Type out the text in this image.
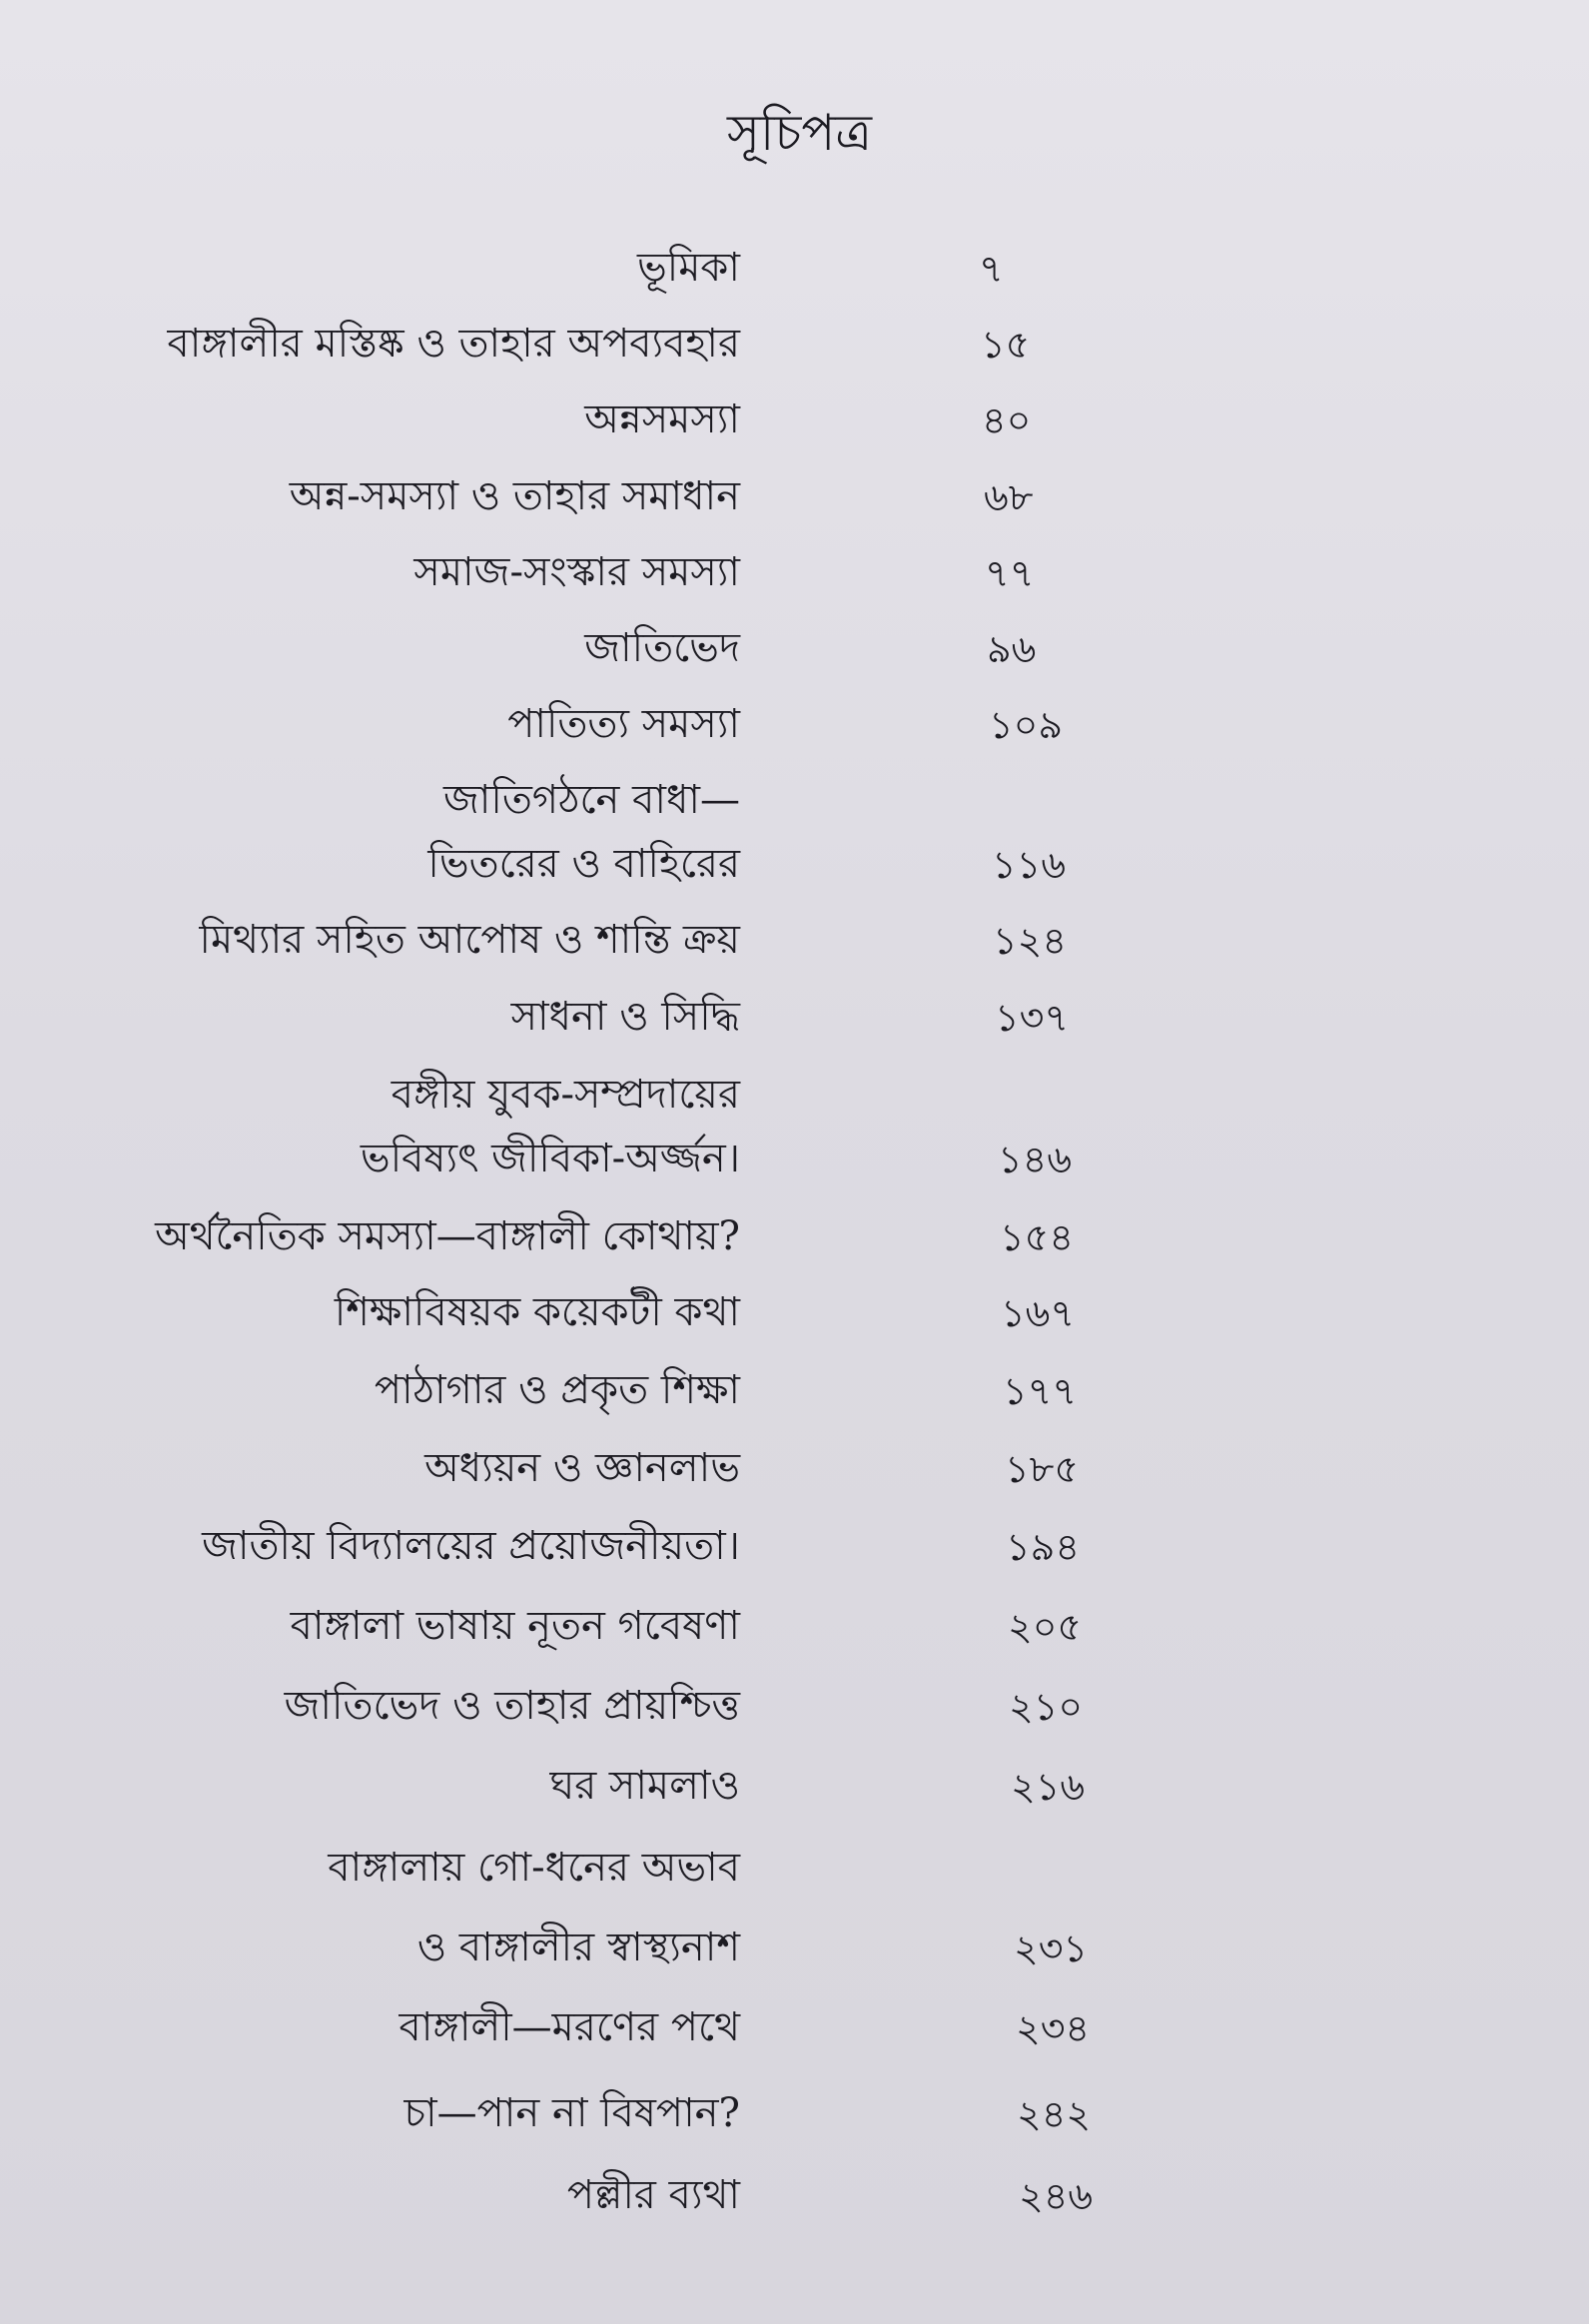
সূচিপত্র
ভূমিকা	৭
বাঙ্গালীর মস্তিষ্ক ও তাহার অপব্যবহার	১৫
অন্নসমস্যা	৪০
অন্ন-সমস্যা ও তাহার সমাধান	৬৮
সমাজ-সংস্কার সমস্যা	৭৭
জাতিভেদ	৯৬
পাতিত্য সমস্যা	১০৯
জাতিগঠনে বাধা—
ভিতরের ও বাহিরের	১১৬
মিথ্যার সহিত আপোষ ও শান্তি ক্রয়	১২৪
সাধনা ও সিদ্ধি	১৩৭
বঙ্গীয় যুবক-সম্প্রদায়ের
ভবিষ্যৎ জীবিকা-অর্জ্জন।	১৪৬
অর্থনৈতিক সমস্যা—বাঙ্গালী কোথায়?	১৫৪
শিক্ষাবিষয়ক কয়েকটী কথা	১৬৭
পাঠাগার ও প্রকৃত শিক্ষা	১৭৭
অধ্যয়ন ও জ্ঞানলাভ	১৮৫
জাতীয় বিদ্যালয়ের প্রয়োজনীয়তা।	১৯৪
বাঙ্গালা ভাষায় নূতন গবেষণা	২০৫
জাতিভেদ ও তাহার প্রায়শ্চিত্ত	২১০
ঘর সামলাও	২১৬
বাঙ্গালায় গো-ধনের অভাব
ও বাঙ্গালীর স্বাস্থ্যনাশ	২৩১
বাঙ্গালী—মরণের পথে	২৩৪
চা—পান না বিষপান?	২৪২
পল্লীর ব্যথা	২৪৬
